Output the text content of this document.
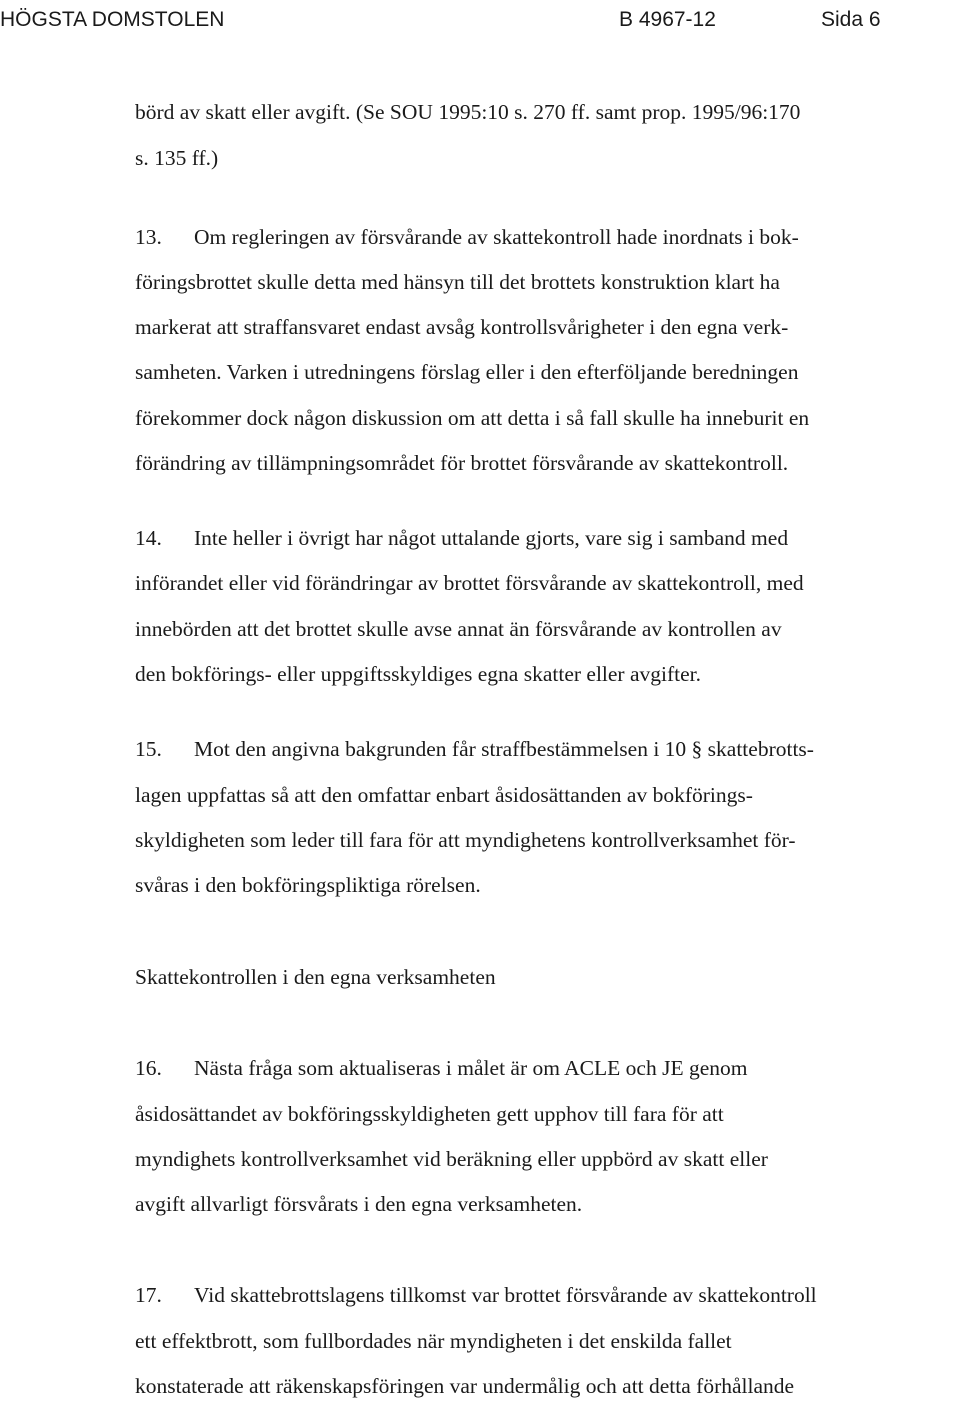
HÖGSTA DOMSTOLEN	B 4967-12	Sida 6
börd av skatt eller avgift. (Se SOU 1995:10 s. 270 ff. samt prop. 1995/96:170
s. 135 ff.)
13. Om regleringen av försvårande av skattekontroll hade inordnats i bok-
föringsbrottet skulle detta med hänsyn till det brottets konstruktion klart ha
markerat att straffansvaret endast avsåg kontrollsvårigheter i den egna verk-
samheten. Varken i utredningens förslag eller i den efterföljande beredningen
förekommer dock någon diskussion om att detta i så fall skulle ha inneburit en
förändring av tillämpningsområdet för brottet försvårande av skattekontroll.
14. Inte heller i övrigt har något uttalande gjorts, vare sig i samband med
införandet eller vid förändringar av brottet försvårande av skattekontroll, med
innebörden att det brottet skulle avse annat än försvårande av kontrollen av
den bokförings- eller uppgiftsskyldiges egna skatter eller avgifter.
15. Mot den angivna bakgrunden får straffbestämmelsen i 10 § skattebrotts-
lagen uppfattas så att den omfattar enbart åsidosättanden av bokförings-
skyldigheten som leder till fara för att myndighetens kontrollverksamhet för-
svåras i den bokföringspliktiga rörelsen.
Skattekontrollen i den egna verksamheten
16. Nästa fråga som aktualiseras i målet är om ACLE och JE genom
åsidosättandet av bokföringsskyldigheten gett upphov till fara för att
myndighets kontrollverksamhet vid beräkning eller uppbörd av skatt eller
avgift allvarligt försvårats i den egna verksamheten.
17. Vid skattebrottslagens tillkomst var brottet försvårande av skattekontroll
ett effektbrott, som fullbordades när myndigheten i det enskilda fallet
konstaterade att räkenskapsföringen var undermålig och att detta förhållande
